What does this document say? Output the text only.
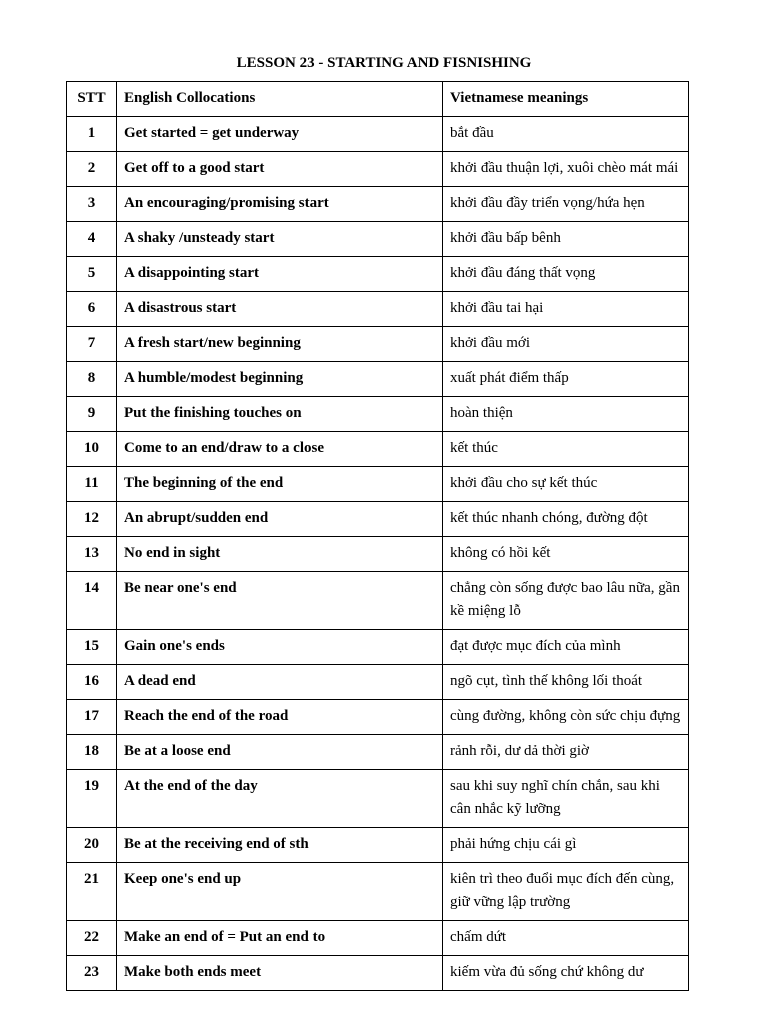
LESSON 23 - STARTING AND FISNISHING
STT	English Collocations	Vietnamese meanings
1	Get started = get underway	bắt đầu
2	Get off to a good start	khởi đầu thuận lợi, xuôi chèo mát mái
3	An encouraging/promising start	khởi đầu đầy triển vọng/hứa hẹn
4	A shaky /unsteady start	khởi đầu bấp bênh
5	A disappointing start	khởi đầu đáng thất vọng
6	A disastrous start	khởi đầu tai hại
7	A fresh start/new beginning	khởi đầu mới
8	A humble/modest beginning	xuất phát điểm thấp
9	Put the finishing touches on	hoàn thiện
10	Come to an end/draw to a close	kết thúc
11	The beginning of the end	khởi đầu cho sự kết thúc
12	An abrupt/sudden end	kết thúc nhanh chóng, đường đột
13	No end in sight	không có hồi kết
14	Be near one's end	chẳng còn sống được bao lâu nữa, gần kề miệng lỗ
15	Gain one's ends	đạt được mục đích của mình
16	A dead end	ngõ cụt, tình thế không lối thoát
17	Reach the end of the road	cùng đường, không còn sức chịu đựng
18	Be at a loose end	rảnh rỗi, dư dả thời giờ
19	At the end of the day	sau khi suy nghĩ chín chắn, sau khi cân nhắc kỹ lưỡng
20	Be at the receiving end of sth	phải hứng chịu cái gì
21	Keep one's end up	kiên trì theo đuổi mục đích đến cùng, giữ vững lập trường
22	Make an end of = Put an end to	chấm dứt
23	Make both ends meet	kiếm vừa đủ sống chứ không dư
